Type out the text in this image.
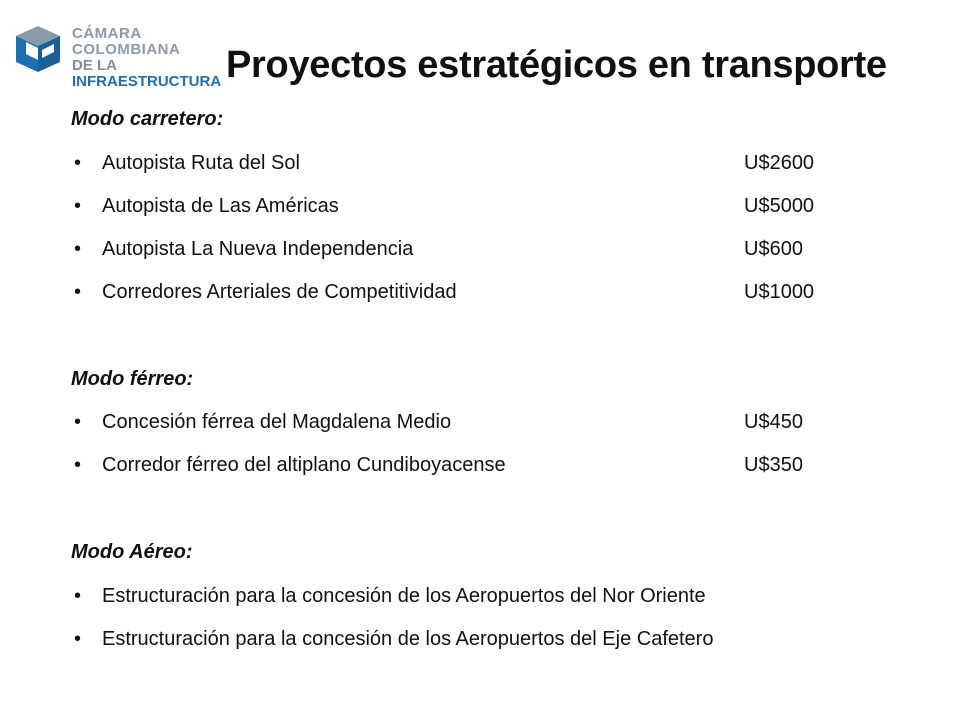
CÁMARA COLOMBIANA
DE LA INFRAESTRUCTURA Proyectos estratégicos en transporte

Modo carretero:

• Autopista Ruta del Sol	U$2600
• Autopista de Las Américas	U$5000
• Autopista La Nueva Independencia	U$600
• Corredores Arteriales de Competitividad	U$1000

Modo férreo:

• Concesión férrea del Magdalena Medio	U$450
• Corredor férreo del altiplano Cundiboyacense	U$350

Modo Aéreo:

• Estructuración para la concesión de los Aeropuertos del Nor Oriente
• Estructuración para la concesión de los Aeropuertos del Eje Cafetero
